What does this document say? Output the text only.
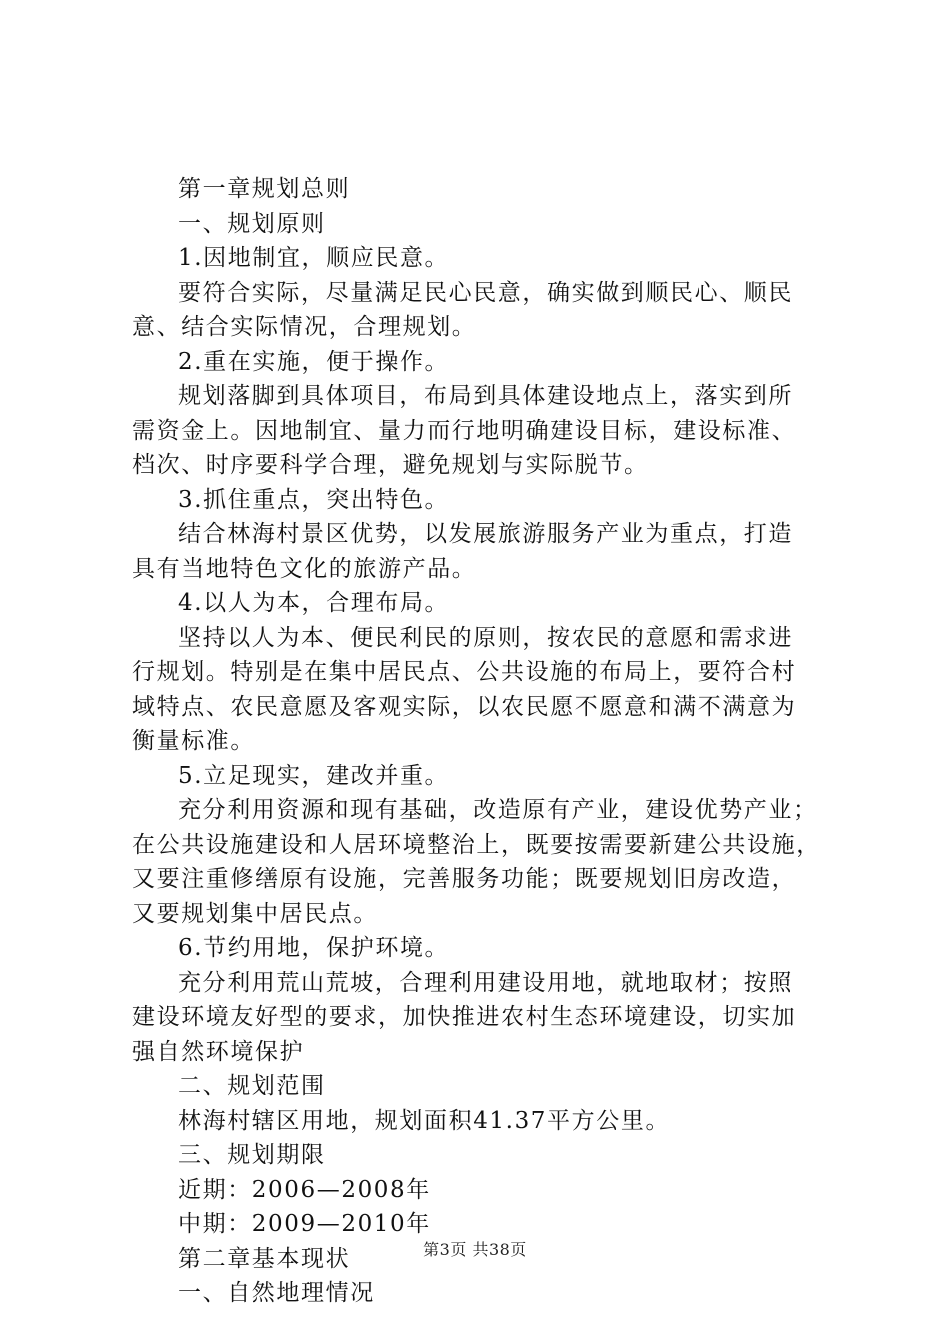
第一章规划总则
一、规划原则
1.因地制宜，顺应民意。
要符合实际，尽量满足民心民意，确实做到顺民心、顺民
意、结合实际情况，合理规划。
2.重在实施，便于操作。
规划落脚到具体项目，布局到具体建设地点上，落实到所
需资金上。因地制宜、量力而行地明确建设目标，建设标准、
档次、时序要科学合理，避免规划与实际脱节。
3.抓住重点，突出特色。
结合林海村景区优势，以发展旅游服务产业为重点，打造
具有当地特色文化的旅游产品。
4.以人为本，合理布局。
坚持以人为本、便民利民的原则，按农民的意愿和需求进
行规划。特别是在集中居民点、公共设施的布局上，要符合村
域特点、农民意愿及客观实际，以农民愿不愿意和满不满意为
衡量标准。
5.立足现实，建改并重。
充分利用资源和现有基础，改造原有产业，建设优势产业；
在公共设施建设和人居环境整治上，既要按需要新建公共设施，
又要注重修缮原有设施，完善服务功能；既要规划旧房改造，
又要规划集中居民点。
6.节约用地，保护环境。
充分利用荒山荒坡，合理利用建设用地，就地取材；按照
建设环境友好型的要求，加快推进农村生态环境建设，切实加
强自然环境保护
二、规划范围
林海村辖区用地，规划面积41.37平方公里。
三、规划期限
近期：2006—2008年
中期：2009—2010年
第二章基本现状
一、自然地理情况
第3页 共38页
